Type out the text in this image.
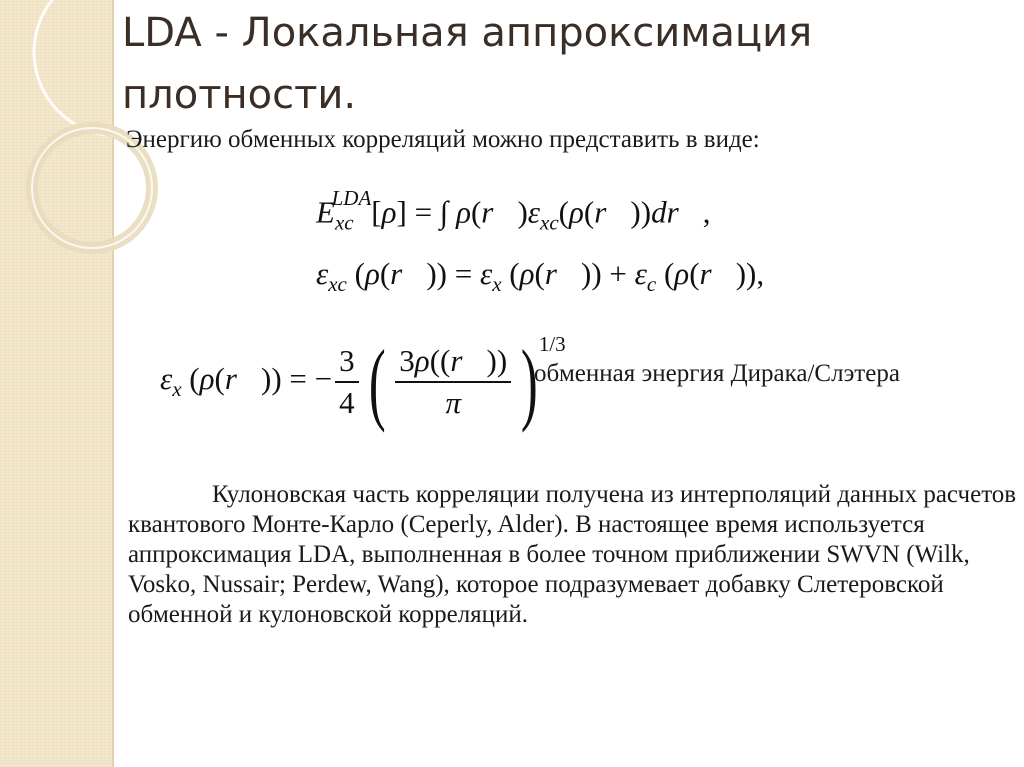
LDA - Локальная аппроксимация плотности.
Энергию обменных корреляций можно представить в виде:
$E_{xc}^{LDA}[\rho]$ = ∫ $\rho(r⃗)\varepsilon_{xc}(\rho(r⃗))dr⃗$,
$\varepsilon_{xc}$ (ρ(r⃗)) = $\varepsilon_x$ (ρ(r⃗)) + $\varepsilon_c$ (ρ(r⃗)),
$\varepsilon_x$ (ρ(r⃗)) = − $\frac{3}{4}$ ( $\frac{3\rho((r⃗))}{\pi}$ ) 1/3
обменная энергия Дирака/Слэтера

Кулоновская часть корреляции получена из интерполяций данных расчетов квантового Монте-Карло (Ceperly, Alder). В настоящее время используется аппроксимация LDA, выполненная в более точном приближении SWVN (Wilk, Vosko, Nussair; Perdew, Wang), которое подразумевает добавку Слетеровской обменной и кулоновской корреляций.
